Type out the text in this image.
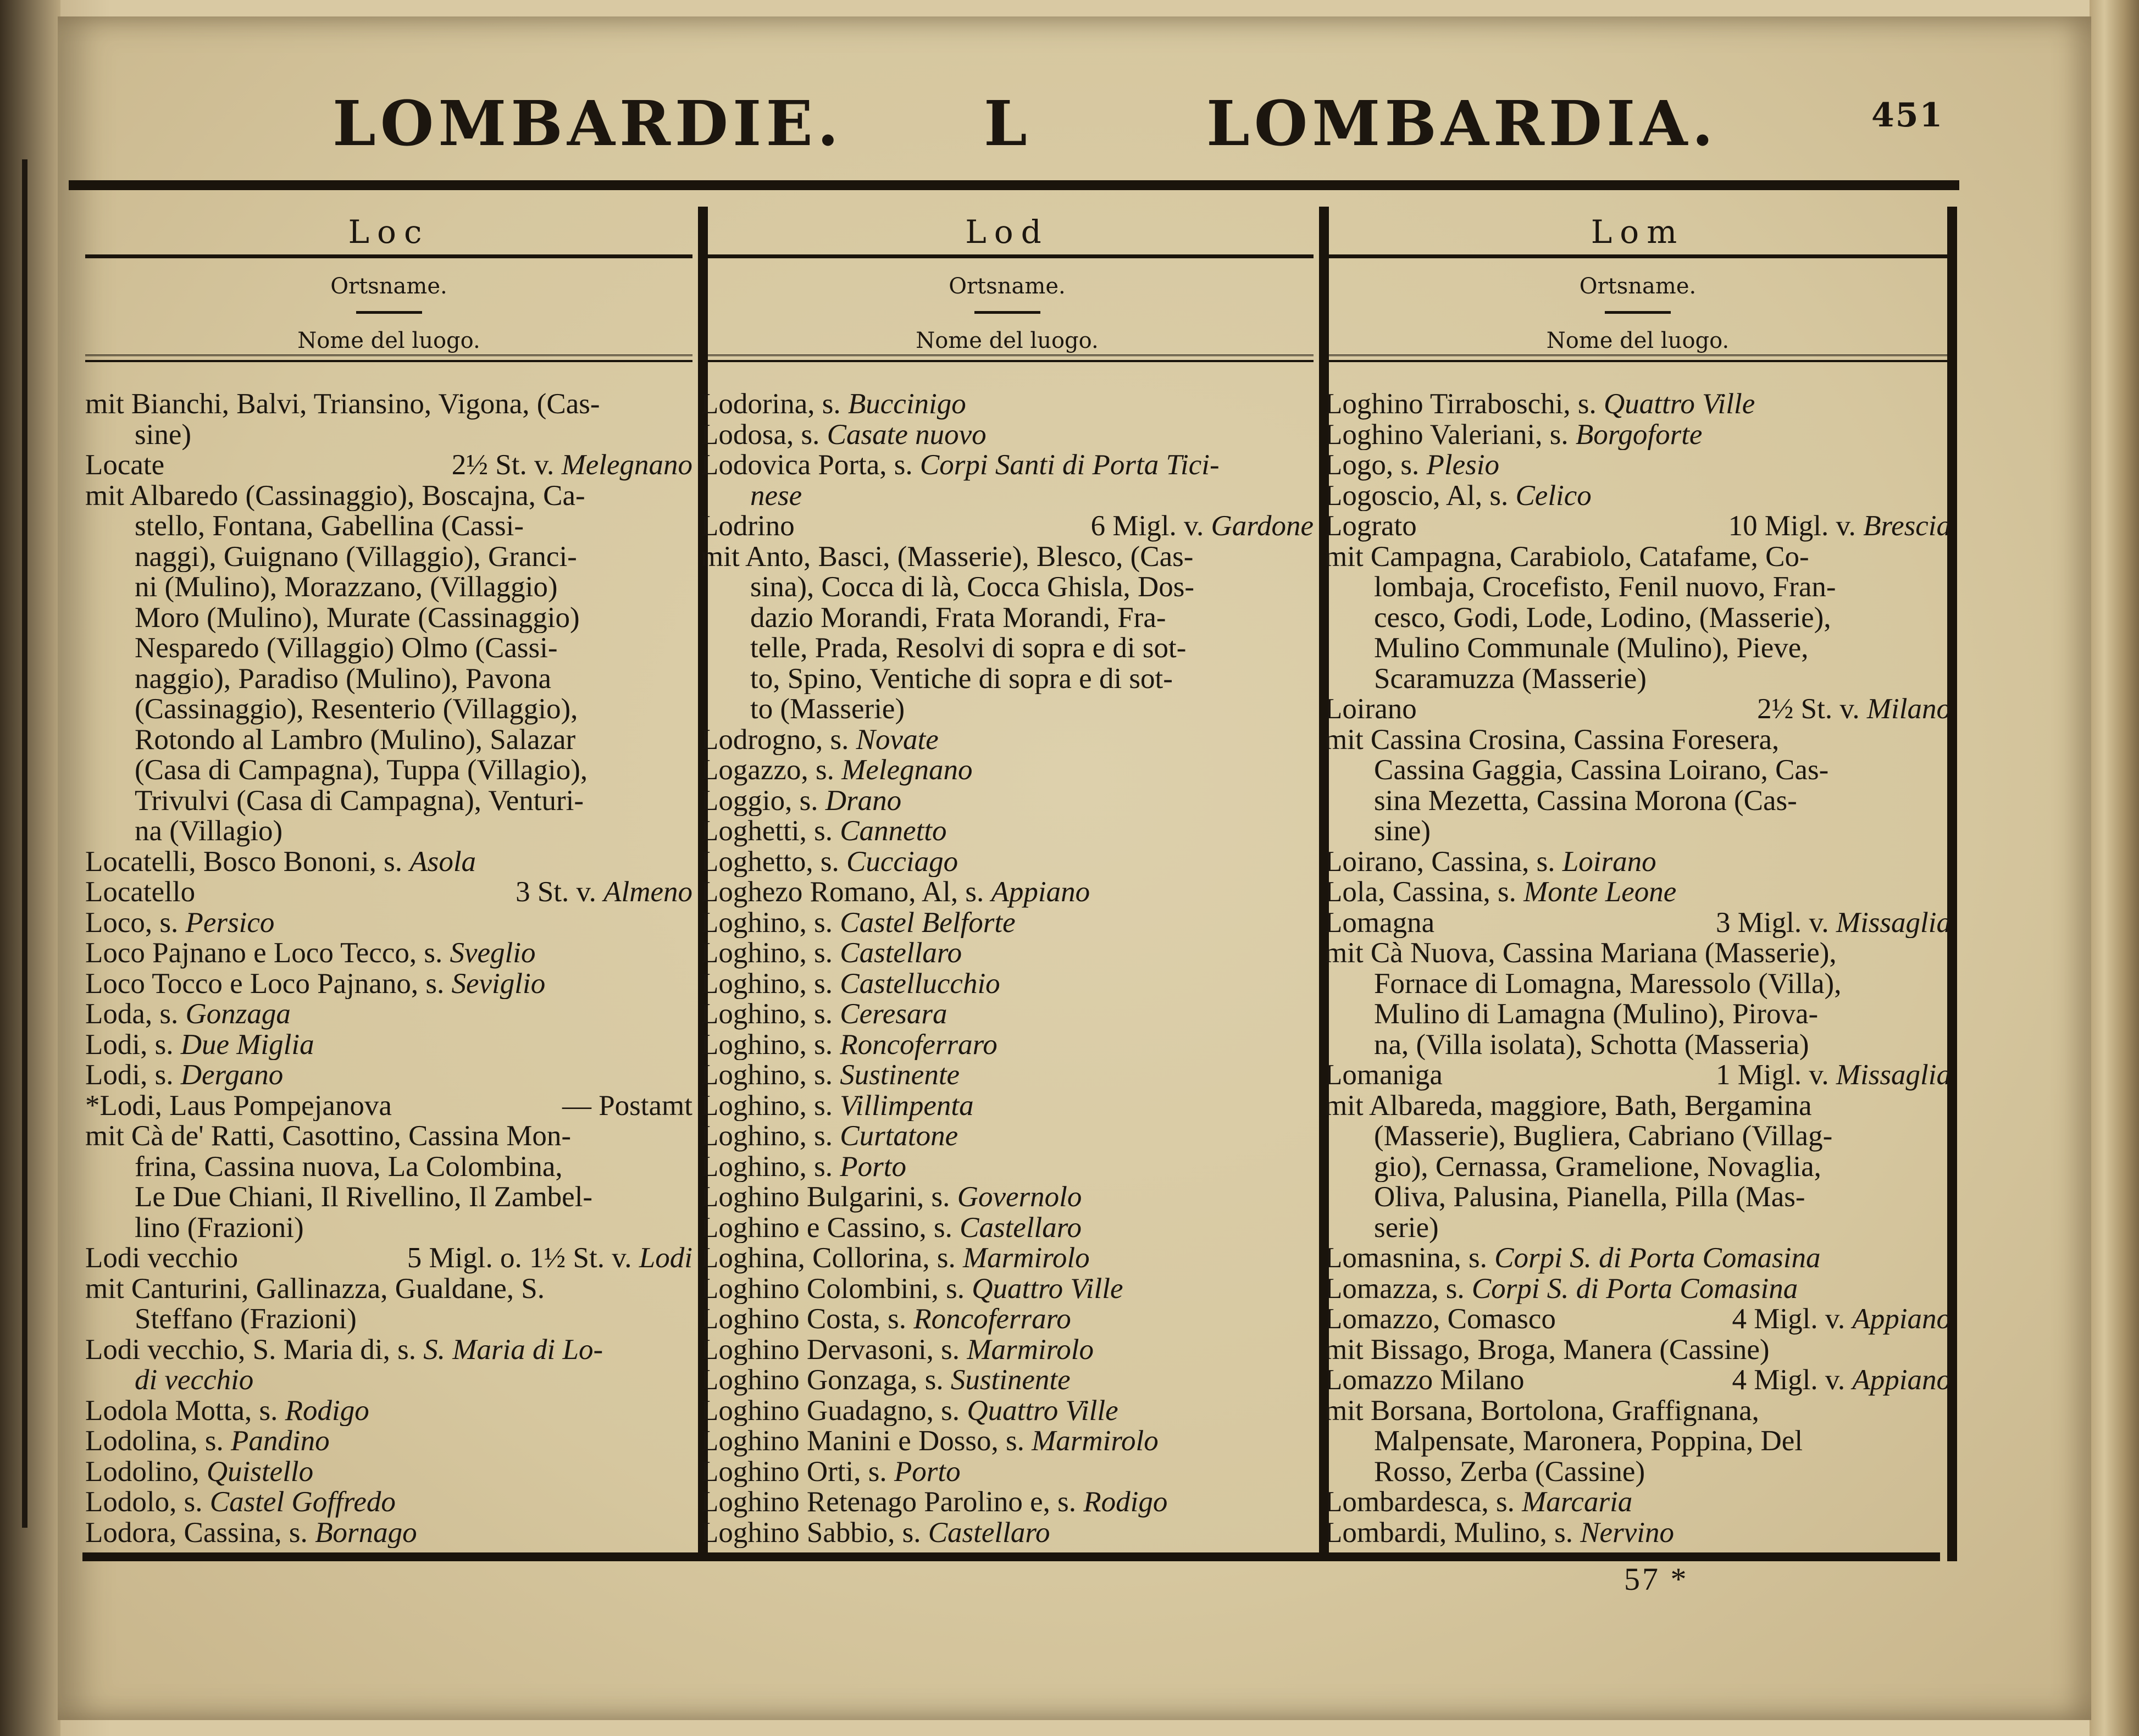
LOMBARDIE. L	LOMBARDIA.	451
Loc
Ortsname.
Nome del luogo.
mit Bianchi, Balvi, Triansino, Vigona, (Cas-
sine)
2½ St. v. Melegnano
Locate
mit Albaredo (Cassinaggio), Boscajna, Ca-
stello, Fontana, Gabellina (Cassi-
naggi), Guignano (Villaggio), Granci-
ni (Mulino), Morazzano, (Villaggio)
Moro (Mulino), Murate (Cassinaggio)
Nesparedo (Villaggio) Olmo (Cassi-
naggio), Paradiso (Mulino), Pavona
(Cassinaggio), Resenterio (Villaggio),
Rotondo al Lambro (Mulino), Salazar
(Casa di Campagna), Tuppa (Villagio),
Trivulvi (Casa di Campagna), Venturi-
na (Villagio)
Locatelli, Bosco Bononi, s. Asola
3 St. v. Almeno
Locatello
Loco, s. Persico
Loco Pajnano e Loco Tecco, s. Sveglio
Loco Tocco e Loco Pajnano, s. Seviglio
Loda, s. Gonzaga
Lodi, s. Due Miglia
Lodi, s. Dergano
— Postamt
*Lodi, Laus Pompejanova
mit Cà de' Ratti, Casottino, Cassina Mon-
frina, Cassina nuova, La Colombina,
Le Due Chiani, Il Rivellino, Il Zambel-
lino (Frazioni)
5 Migl. o. 1½ St. v. Lodi
Lodi vecchio
mit Canturini, Gallinazza, Gualdane, S.
Steffano (Frazioni)
Lodi vecchio, S. Maria di, s. S. Maria di Lo-
di vecchio
Lodola Motta, s. Rodigo
Lodolina, s. Pandino
Lodolino, Quistello
Lodolo, s. Castel Goffredo
Lodora, Cassina, s. Bornago
Lod
Ortsname.
Nome del luogo.
Lodorina, s. Buccinigo
Lodosa, s. Casate nuovo
Lodovica Porta, s. Corpi Santi di Porta Tici-
nese
6 Migl. v. Gardone
Lodrino
mit Anto, Basci, (Masserie), Blesco, (Cas-
sina), Cocca di là, Cocca Ghisla, Dos-
dazio Morandi, Frata Morandi, Fra-
telle, Prada, Resolvi di sopra e di sot-
to, Spino, Ventiche di sopra e di sot-
to (Masserie)
Lodrogno, s. Novate
Logazzo, s. Melegnano
Loggio, s. Drano
Loghetti, s. Cannetto
Loghetto, s. Cucciago
Loghezo Romano, Al, s. Appiano
Loghino, s. Castel Belforte
Loghino, s. Castellaro
Loghino, s. Castellucchio
Loghino, s. Ceresara
Loghino, s. Roncoferraro
Loghino, s. Sustinente
Loghino, s. Villimpenta
Loghino, s. Curtatone
Loghino, s. Porto
Loghino Bulgarini, s. Governolo
Loghino e Cassino, s. Castellaro
Loghina, Collorina, s. Marmirolo
Loghino Colombini, s. Quattro Ville
Loghino Costa, s. Roncoferraro
Loghino Dervasoni, s. Marmirolo
Loghino Gonzaga, s. Sustinente
Loghino Guadagno, s. Quattro Ville
Loghino Manini e Dosso, s. Marmirolo
Loghino Orti, s. Porto
Loghino Retenago Parolino e, s. Rodigo
Loghino Sabbio, s. Castellaro
Lom
Ortsname.
Nome del luogo.
Loghino Tirraboschi, s. Quattro Ville
Loghino Valeriani, s. Borgoforte
Logo, s. Plesio
Logoscio, Al, s. Celico
10 Migl. v. Brescia
Lograto
mit Campagna, Carabiolo, Catafame, Co-
lombaja, Crocefisto, Fenil nuovo, Fran-
cesco, Godi, Lode, Lodino, (Masserie),
Mulino Communale (Mulino), Pieve,
Scaramuzza (Masserie)
2½ St. v. Milano
Loirano
mit Cassina Crosina, Cassina Foresera,
Cassina Gaggia, Cassina Loirano, Cas-
sina Mezetta, Cassina Morona (Cas-
sine)
Loirano, Cassina, s. Loirano
Lola, Cassina, s. Monte Leone
3 Migl. v. Missaglia
Lomagna
mit Cà Nuova, Cassina Mariana (Masserie),
Fornace di Lomagna, Maressolo (Villa),
Mulino di Lamagna (Mulino), Pirova-
na, (Villa isolata), Schotta (Masseria)
1 Migl. v. Missaglia
Lomaniga
mit Albareda, maggiore, Bath, Bergamina
(Masserie), Bugliera, Cabriano (Villag-
gio), Cernassa, Gramelione, Novaglia,
Oliva, Palusina, Pianella, Pilla (Mas-
serie)
Lomasnina, s. Corpi S. di Porta Comasina
Lomazza, s. Corpi S. di Porta Comasina
4 Migl. v. Appiano
Lomazzo, Comasco
mit Bissago, Broga, Manera (Cassine)
4 Migl. v. Appiano
Lomazzo Milano
mit Borsana, Bortolona, Graffignana,
Malpensate, Maronera, Poppina, Del
Rosso, Zerba (Cassine)
Lombardesca, s. Marcaria
Lombardi, Mulino, s. Nervino
57 *
